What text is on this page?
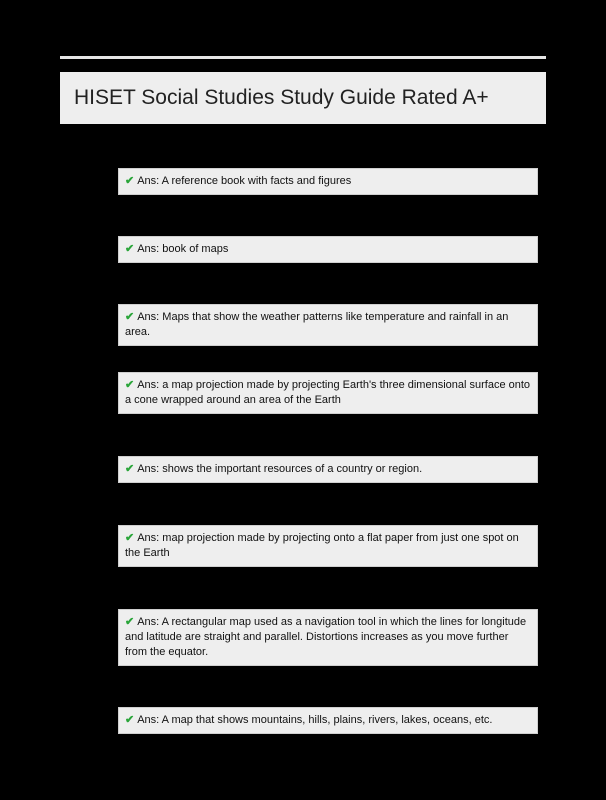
HISET Social Studies Study Guide Rated A+
✔ Ans: A reference book with facts and figures
✔ Ans: book of maps
✔ Ans: Maps that show the weather patterns like temperature and rainfall in an area.
✔ Ans: a map projection made by projecting Earth's three dimensional surface onto a cone wrapped around an area of the Earth
✔ Ans: shows the important resources of a country or region.
✔ Ans: map projection made by projecting onto a flat paper from just one spot on the Earth
✔ Ans: A rectangular map used as a navigation tool in which the lines for longitude and latitude are straight and parallel. Distortions increases as you move further from the equator.
✔ Ans: A map that shows mountains, hills, plains, rivers, lakes, oceans, etc.
